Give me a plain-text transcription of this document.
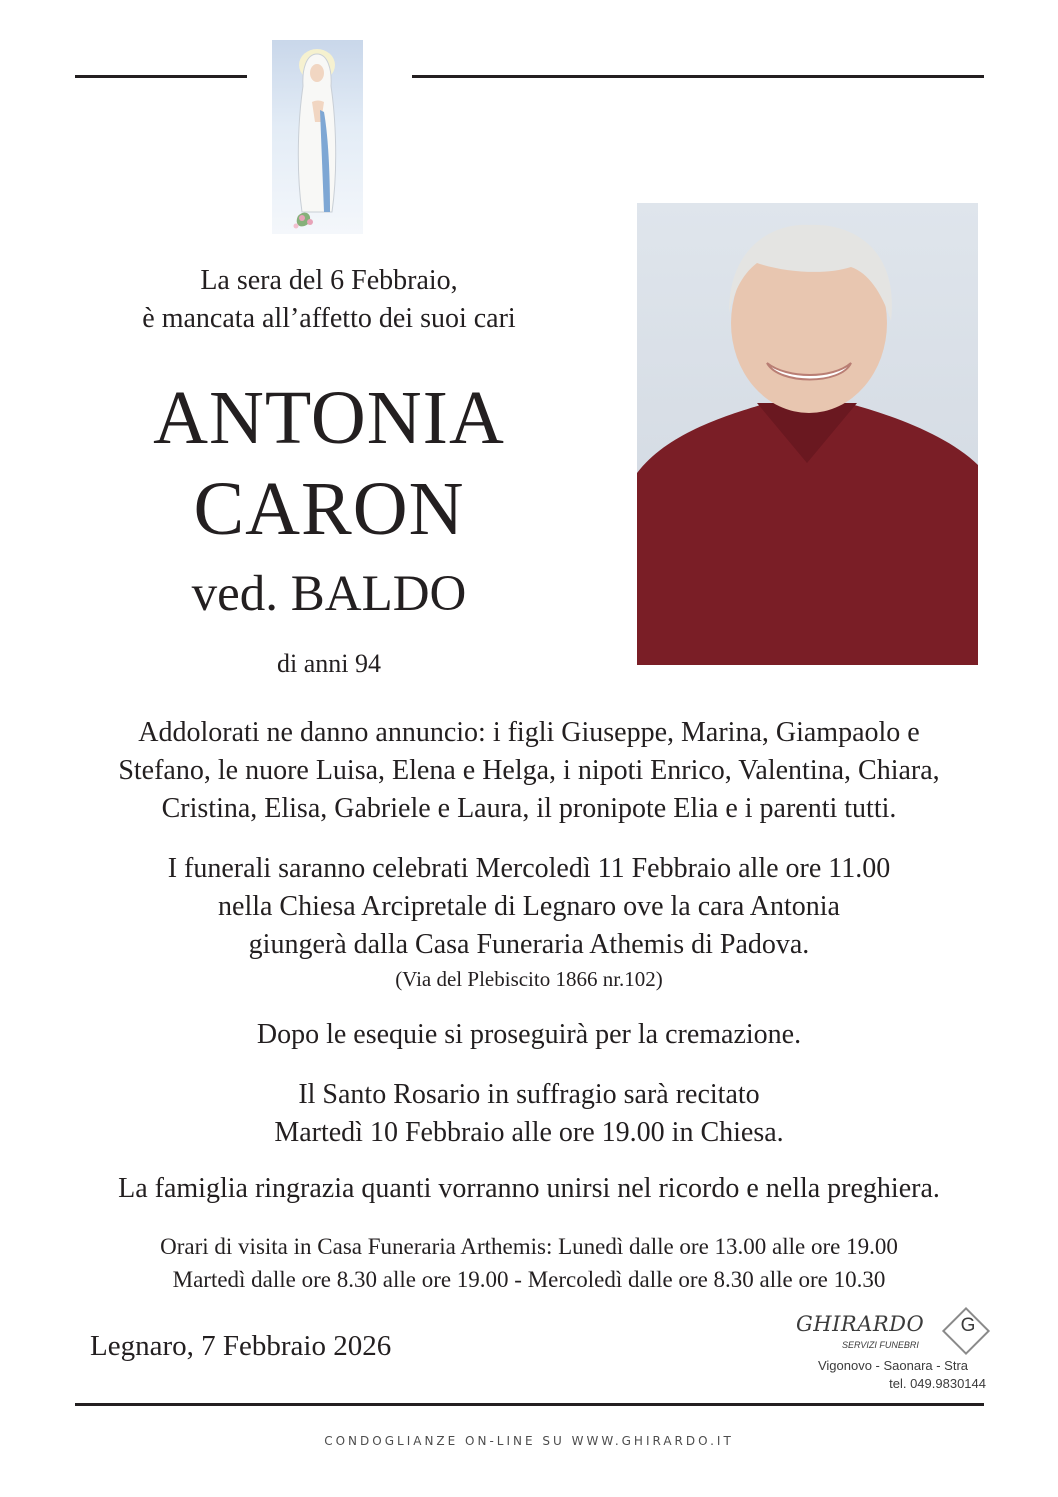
La sera del 6 Febbraio,
è mancata all’affetto dei suoi cari
ANTONIA
CARON
ved. BALDO
di anni 94
Addolorati ne danno annuncio: i figli Giuseppe, Marina, Giampaolo e
Stefano, le nuore Luisa, Elena e Helga, i nipoti Enrico, Valentina, Chiara,
Cristina, Elisa, Gabriele e Laura, il pronipote Elia e i parenti tutti.
I funerali saranno celebrati Mercoledì 11 Febbraio alle ore 11.00
nella Chiesa Arcipretale di Legnaro ove la cara Antonia
giungerà dalla Casa Funeraria Athemis di Padova.
(Via del Plebiscito 1866 nr.102)
Dopo le esequie si proseguirà per la cremazione.
Il Santo Rosario in suffragio sarà recitato
Martedì 10 Febbraio alle ore 19.00 in Chiesa.
La famiglia ringrazia quanti vorranno unirsi nel ricordo e nella preghiera.
Orari di visita in Casa Funeraria Arthemis: Lunedì dalle ore 13.00 alle ore 19.00
Martedì dalle ore 8.30 alle ore 19.00 - Mercoledì dalle ore 8.30 alle ore 10.30
Legnaro, 7 Febbraio 2026
GHIRARDO
SERVIZI FUNEBRI
G
Vigonovo - Saonara - Stra
tel. 049.9830144
CONDOGLIANZE ON-LINE SU WWW.GHIRARDO.IT
